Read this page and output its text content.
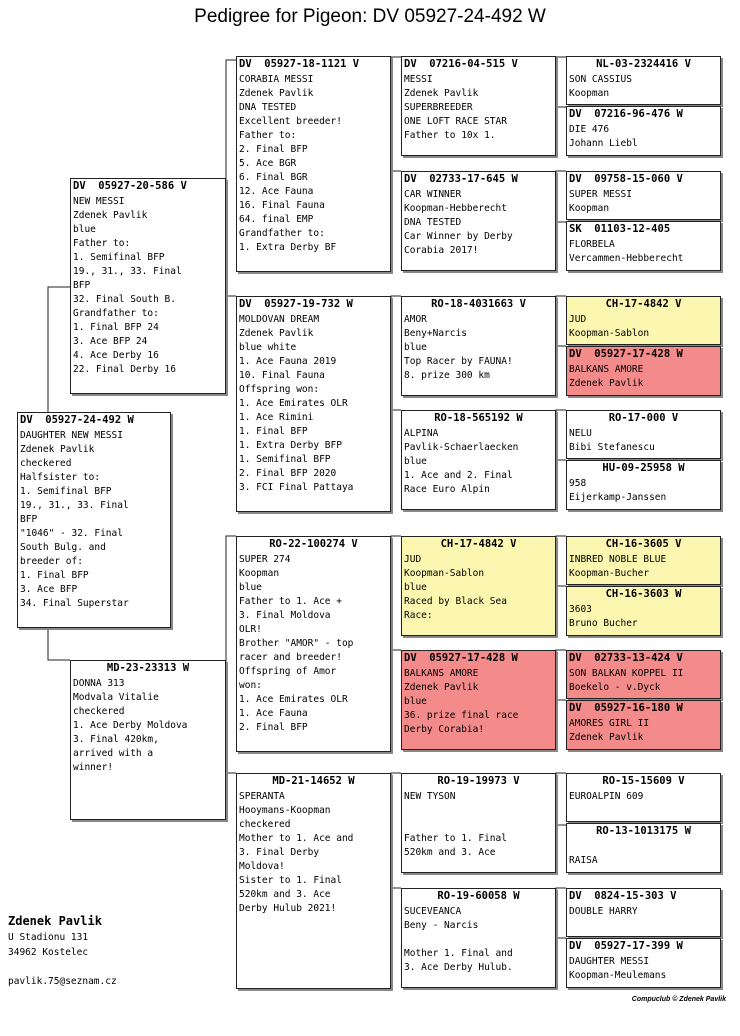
Pedigree for Pigeon: DV 05927-24-492 W
DV  05927-24-492 W
DAUGHTER NEW MESSI
Zdenek Pavlik
checkered
Halfsister to:
1. Semifinal BFP
19., 31., 33. Final
BFP
"1046" - 32. Final
South Bulg. and
breeder of:
1. Final BFP
3. Ace BFP
34. Final Superstar
DV  05927-20-586 V
NEW MESSI
Zdenek Pavlik
blue
Father to:
1. Semifinal BFP
19., 31., 33. Final
BFP
32. Final South B.
Grandfather to:
1. Final BFP 24
3. Ace BFP 24
4. Ace Derby 16
22. Final Derby 16
MD-23-23313 W
DONNA 313
Modvala Vitalie
checkered
1. Ace Derby Moldova
3. Final 420km,
arrived with a
winner!
DV  05927-18-1121 V
CORABIA MESSI
Zdenek Pavlik
DNA TESTED
Excellent breeder!
Father to:
2. Final BFP
5. Ace BGR
6. Final BGR
12. Ace Fauna
16. Final Fauna
64. final EMP
Grandfather to:
1. Extra Derby BF
DV  05927-19-732 W
MOLDOVAN DREAM
Zdenek Pavlik
blue white
1. Ace Fauna 2019
10. Final Fauna
Offspring won:
1. Ace Emirates OLR
1. Ace Rimini
1. Final BFP
1. Extra Derby BFP
1. Semifinal BFP
2. Final BFP 2020
3. FCI Final Pattaya
RO-22-100274 V
SUPER 274
Koopman
blue
Father to 1. Ace +
3. Final Moldova
OLR!
Brother "AMOR" - top
racer and breeder!
Offspring of Amor
won:
1. Ace Emirates OLR
1. Ace Fauna
2. Final BFP
MD-21-14652 W
SPERANTA
Hooymans-Koopman
checkered
Mother to 1. Ace and
3. Final Derby
Moldova!
Sister to 1. Final
520km and 3. Ace
Derby Hulub 2021!
DV  07216-04-515 V
MESSI
Zdenek Pavlik
SUPERBREEDER
ONE LOFT RACE STAR
Father to 10x 1.
DV  02733-17-645 W
CAR WINNER
Koopman-Hebberecht
DNA TESTED
Car Winner by Derby
Corabia 2017!
RO-18-4031663 V
AMOR
Beny+Narcis
blue
Top Racer by FAUNA!
8. prize 300 km
RO-18-565192 W
ALPINA
Pavlik-Schaerlaecken
blue
1. Ace and 2. Final
Race Euro Alpin
CH-17-4842 V
JUD
Koopman-Sablon
blue
Raced by Black Sea
Race:
DV  05927-17-428 W
BALKANS AMORE
Zdenek Pavlik
blue
36. prize final race
Derby Corabia!
RO-19-19973 V
NEW TYSON
Father to 1. Final
520km and 3. Ace
RO-19-60058 W
SUCEVEANCA
Beny - Narcis
Mother 1. Final and
3. Ace Derby Hulub.
NL-03-2324416 V
SON CASSIUS
Koopman
DV  07216-96-476 W
DIE 476
Johann Liebl
DV  09758-15-060 V
SUPER MESSI
Koopman
SK  01103-12-405
FLORBELA
Vercammen-Hebberecht
CH-17-4842 V
JUD
Koopman-Sablon
DV  05927-17-428 W
BALKANS AMORE
Zdenek Pavlik
RO-17-000 V
NELU
Bibi Stefanescu
HU-09-25958 W
958
Eijerkamp-Janssen
CH-16-3605 V
INBRED NOBLE BLUE
Koopman-Bucher
CH-16-3603 W
3603
Bruno Bucher
DV  02733-13-424 V
SON BALKAN KOPPEL II
Boekelo - v.Dyck
DV  05927-16-180 W
AMORES GIRL II
Zdenek Pavlik
RO-15-15609 V
EUROALPIN 609
RO-13-1013175 W
RAISA
DV  0824-15-303 V
DOUBLE HARRY
DV  05927-17-399 W
DAUGHTER MESSI
Koopman-Meulemans
Zdenek Pavlik
U Stadionu 131
34962 Kostelec
pavlik.75@seznam.cz
Compuclub © Zdenek Pavlik
